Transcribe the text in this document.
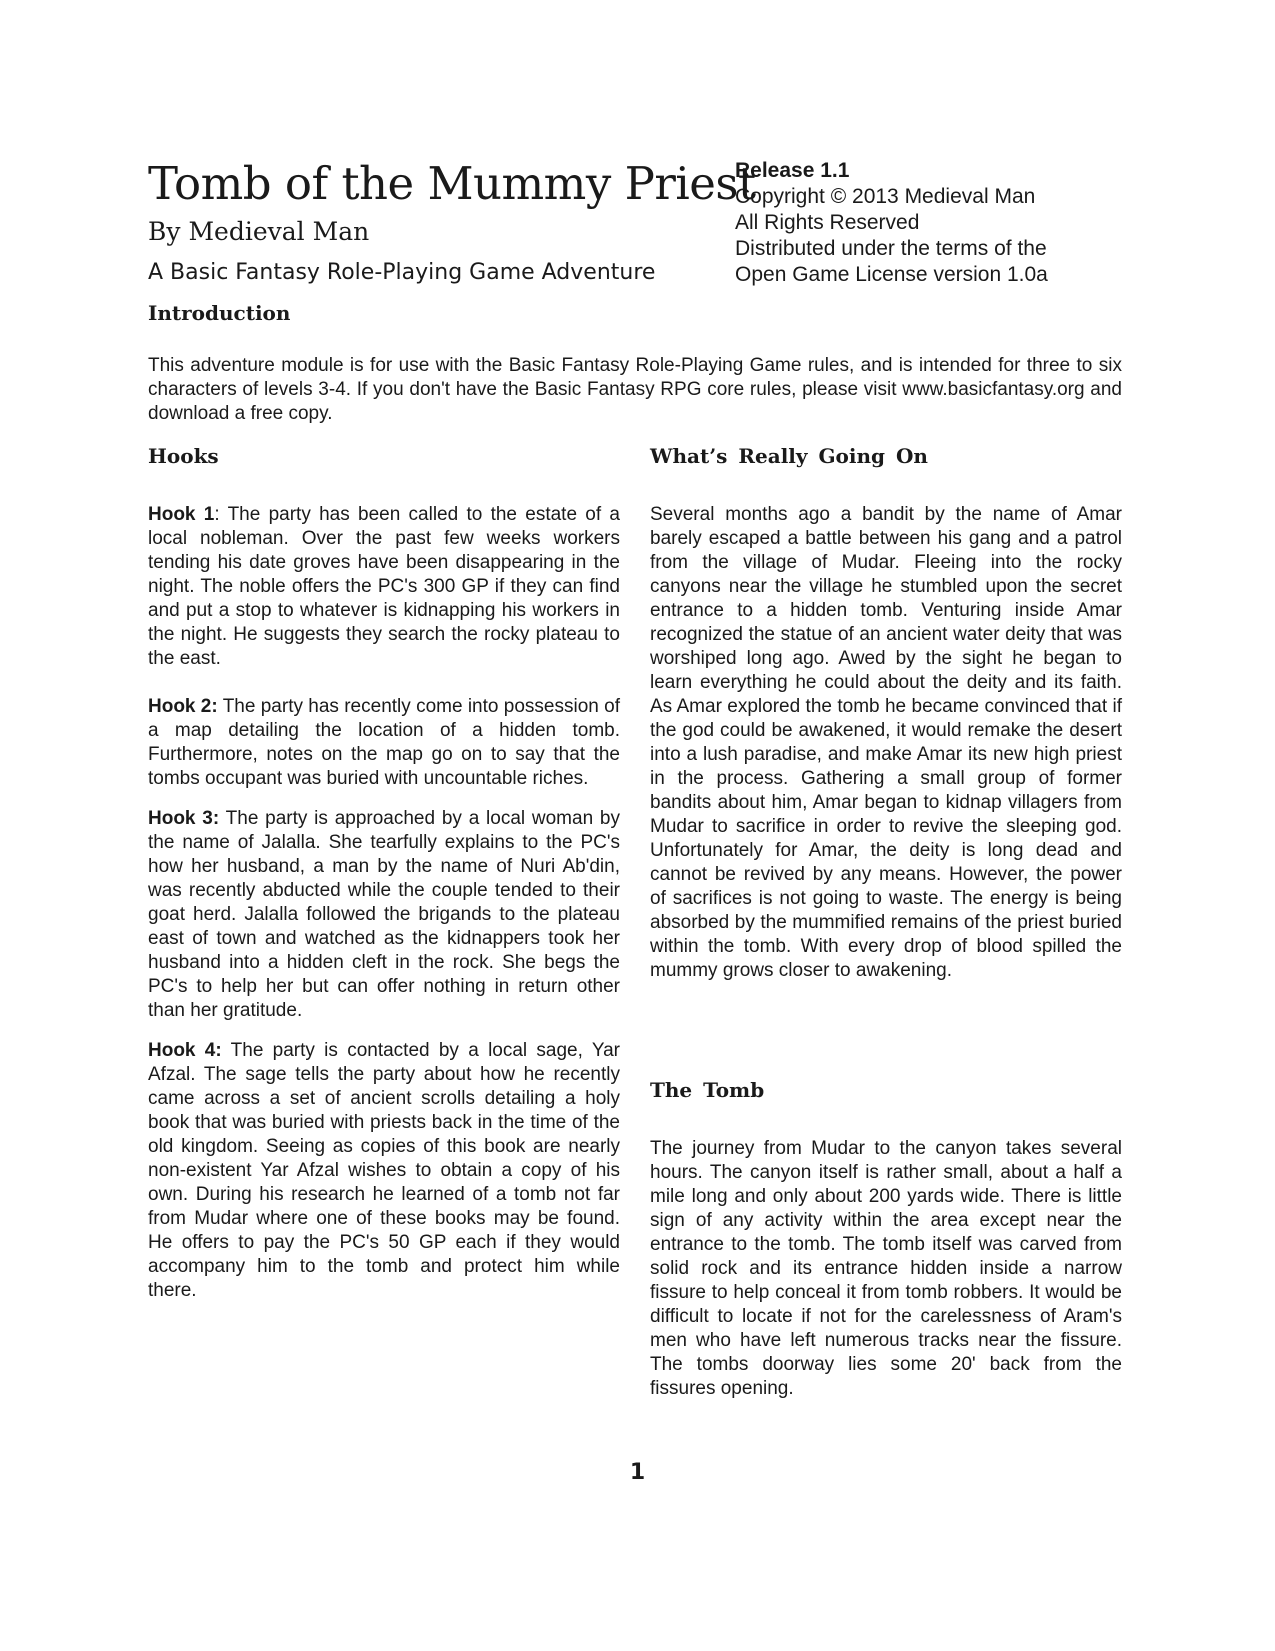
Tomb of the Mummy Priest
By Medieval Man
A Basic Fantasy Role-Playing Game Adventure
Release 1.1
Copyright © 2013 Medieval Man
All Rights Reserved
Distributed under the terms of the
Open Game License version 1.0a
Introduction
This adventure module is for use with the Basic Fantasy Role-Playing Game rules, and is intended for three to six characters of levels 3-4. If you don't have the Basic Fantasy RPG core rules, please visit www.basicfantasy.org and download a free copy.
Hooks	What’s Really Going On

Hook 1: The party has been called to the estate of a local nobleman. Over the past few weeks workers tending his date groves have been disappearing in the night. The noble offers the PC's 300 GP if they can find and put a stop to whatever is kidnapping his workers in the night. He suggests they search the rocky plateau to the east.

Hook 2: The party has recently come into possession of a map detailing the location of a hidden tomb. Furthermore, notes on the map go on to say that the tombs occupant was buried with uncountable riches.

Hook 3: The party is approached by a local woman by the name of Jalalla. She tearfully explains to the PC's how her husband, a man by the name of Nuri Ab'din, was recently abducted while the couple tended to their goat herd. Jalalla followed the brigands to the plateau east of town and watched as the kidnappers took her husband into a hidden cleft in the rock. She begs the PC's to help her but can offer nothing in return other than her gratitude.

Hook 4: The party is contacted by a local sage, Yar Afzal. The sage tells the party about how he recently came across a set of ancient scrolls detailing a holy book that was buried with priests back in the time of the old kingdom. Seeing as copies of this book are nearly non-existent Yar Afzal wishes to obtain a copy of his own. During his research he learned of a tomb not far from Mudar where one of these books may be found. He offers to pay the PC's 50 GP each if they would accompany him to the tomb and protect him while there.

Several months ago a bandit by the name of Amar barely escaped a battle between his gang and a patrol from the village of Mudar. Fleeing into the rocky canyons near the village he stumbled upon the secret entrance to a hidden tomb. Venturing inside Amar recognized the statue of an ancient water deity that was worshiped long ago. Awed by the sight he began to learn everything he could about the deity and its faith. As Amar explored the tomb he became convinced that if the god could be awakened, it would remake the desert into a lush paradise, and make Amar its new high priest in the process. Gathering a small group of former bandits about him, Amar began to kidnap villagers from Mudar to sacrifice in order to revive the sleeping god. Unfortunately for Amar, the deity is long dead and cannot be revived by any means. However, the power of sacrifices is not going to waste. The energy is being absorbed by the mummified remains of the priest buried within the tomb. With every drop of blood spilled the mummy grows closer to awakening.

The Tomb

The journey from Mudar to the canyon takes several hours. The canyon itself is rather small, about a half a mile long and only about 200 yards wide. There is little sign of any activity within the area except near the entrance to the tomb. The tomb itself was carved from solid rock and its entrance hidden inside a narrow fissure to help conceal it from tomb robbers. It would be difficult to locate if not for the carelessness of Aram's men who have left numerous tracks near the fissure. The tombs doorway lies some 20' back from the fissures opening.

1
